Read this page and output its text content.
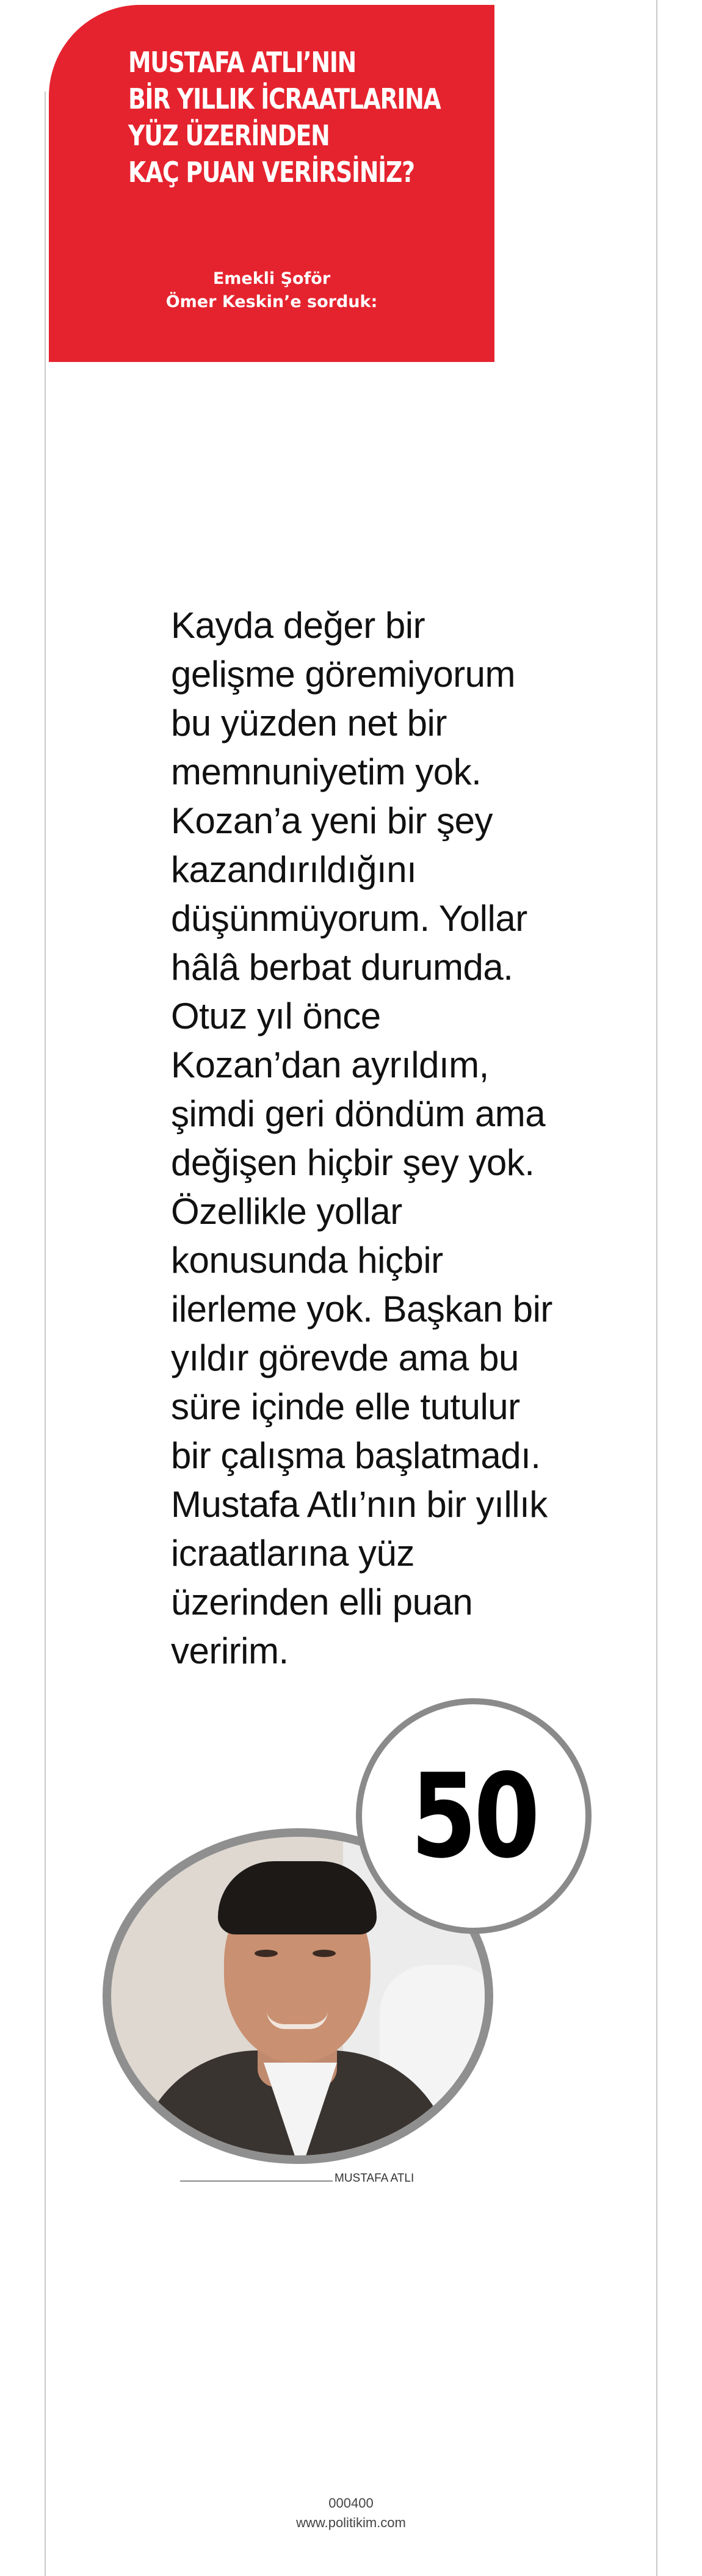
MUSTAFA ATLI’NIN
BİR YILLIK İCRAATLARINA
YÜZ ÜZERİNDEN
KAÇ PUAN VERİRSİNİZ?
Emekli Şoför
Ömer Keskin’e sorduk:
Kayda değer bir
gelişme göremiyorum
bu yüzden net bir
memnuniyetim yok.
Kozan’a yeni bir şey
kazandırıldığını
düşünmüyorum. Yollar
hâlâ berbat durumda.
Otuz yıl önce
Kozan’dan ayrıldım,
şimdi geri döndüm ama
değişen hiçbir şey yok.
Özellikle yollar
konusunda hiçbir
ilerleme yok. Başkan bir
yıldır görevde ama bu
süre içinde elle tutulur
bir çalışma başlatmadı.
Mustafa Atlı’nın bir yıllık
icraatlarına yüz
üzerinden elli puan
veririm.
50
MUSTAFA ATLI
000400
www.politikim.com
